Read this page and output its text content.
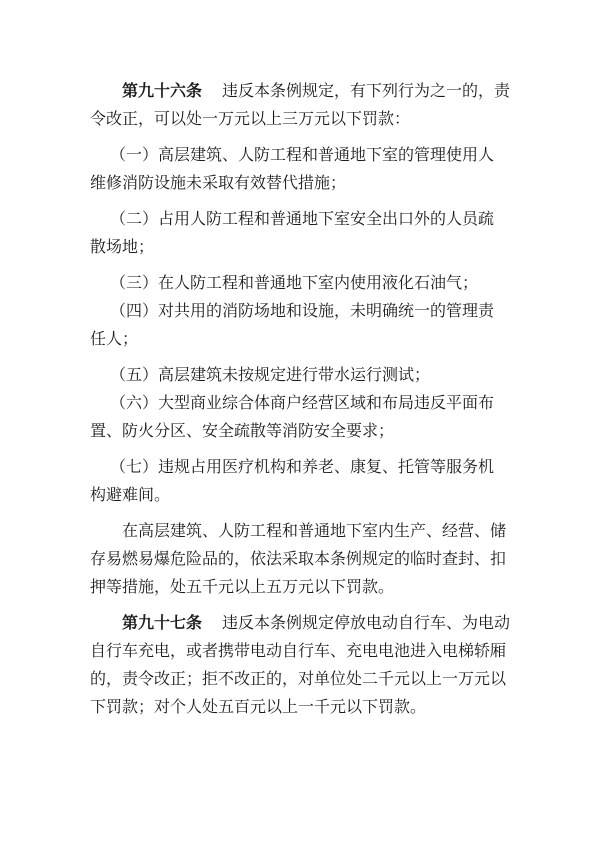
第九十六条 违反本条例规定，有下列行为之一的，责
令改正，可以处一万元以上三万元以下罚款：
（一）高层建筑、人防工程和普通地下室的管理使用人
维修消防设施未采取有效替代措施；
（二）占用人防工程和普通地下室安全出口外的人员疏
散场地；
（三）在人防工程和普通地下室内使用液化石油气；
（四）对共用的消防场地和设施，未明确统一的管理责
任人；
（五）高层建筑未按规定进行带水运行测试；
（六）大型商业综合体商户经营区域和布局违反平面布
置、防火分区、安全疏散等消防安全要求；
（七）违规占用医疗机构和养老、康复、托管等服务机
构避难间。
在高层建筑、人防工程和普通地下室内生产、经营、储
存易燃易爆危险品的，依法采取本条例规定的临时查封、扣
押等措施，处五千元以上五万元以下罚款。
第九十七条 违反本条例规定停放电动自行车、为电动
自行车充电，或者携带电动自行车、充电电池进入电梯轿厢
的，责令改正；拒不改正的，对单位处二千元以上一万元以
下罚款；对个人处五百元以上一千元以下罚款。
